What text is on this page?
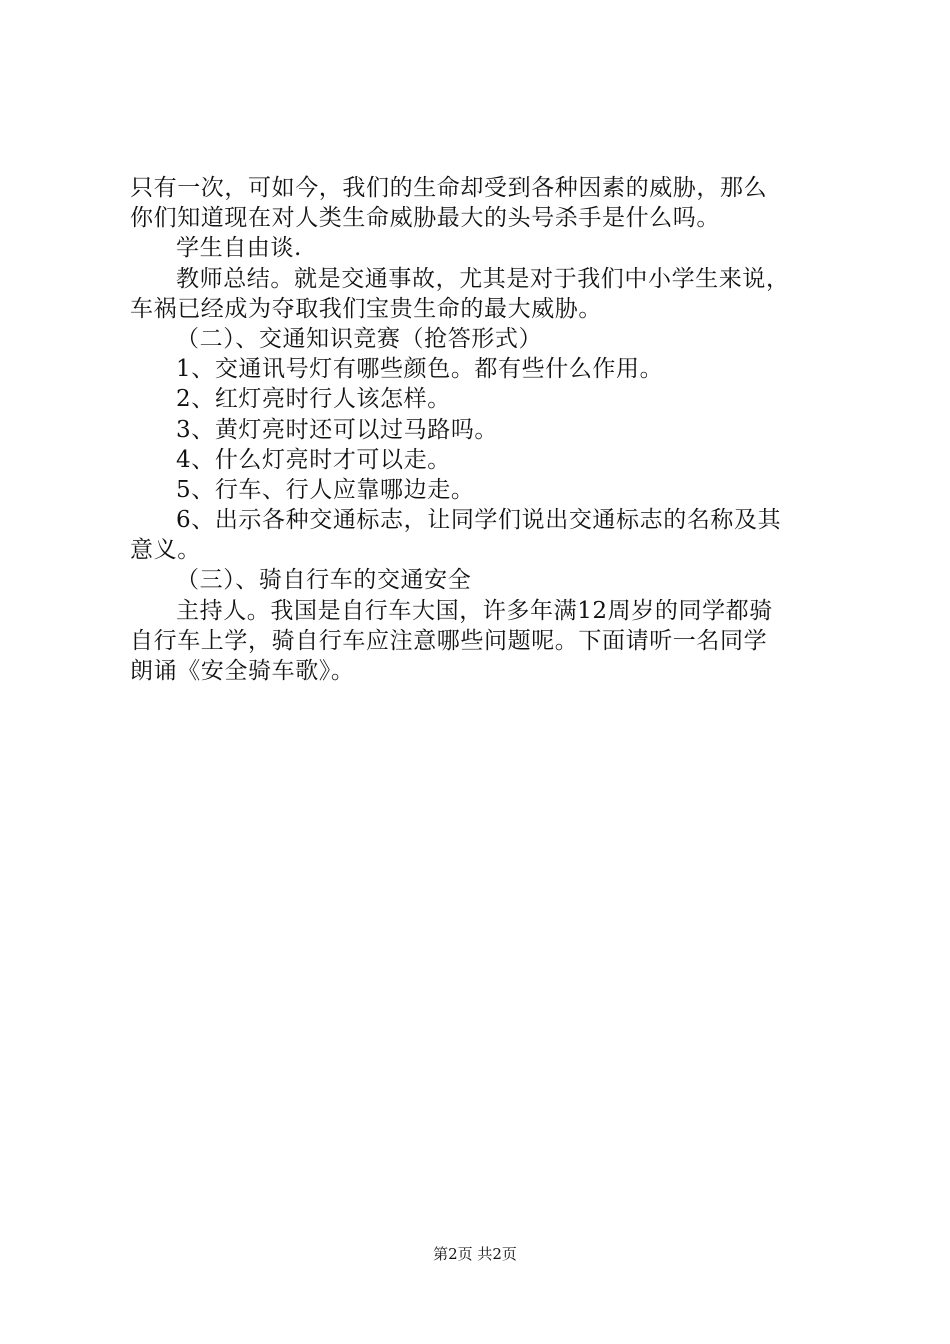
只有一次，可如今，我们的生命却受到各种因素的威胁，那么
你们知道现在对人类生命威胁最大的头号杀手是什么吗。
学生自由谈.
教师总结。就是交通事故，尤其是对于我们中小学生来说，
车祸已经成为夺取我们宝贵生命的最大威胁。
（二）、交通知识竞赛（抢答形式）
1、交通讯号灯有哪些颜色。都有些什么作用。
2、红灯亮时行人该怎样。
3、黄灯亮时还可以过马路吗。
4、什么灯亮时才可以走。
5、行车、行人应靠哪边走。
6、出示各种交通标志，让同学们说出交通标志的名称及其
意义。
（三）、骑自行车的交通安全
主持人。我国是自行车大国，许多年满12周岁的同学都骑
自行车上学，骑自行车应注意哪些问题呢。下面请听一名同学
朗诵《安全骑车歌》。
第2页 共2页
